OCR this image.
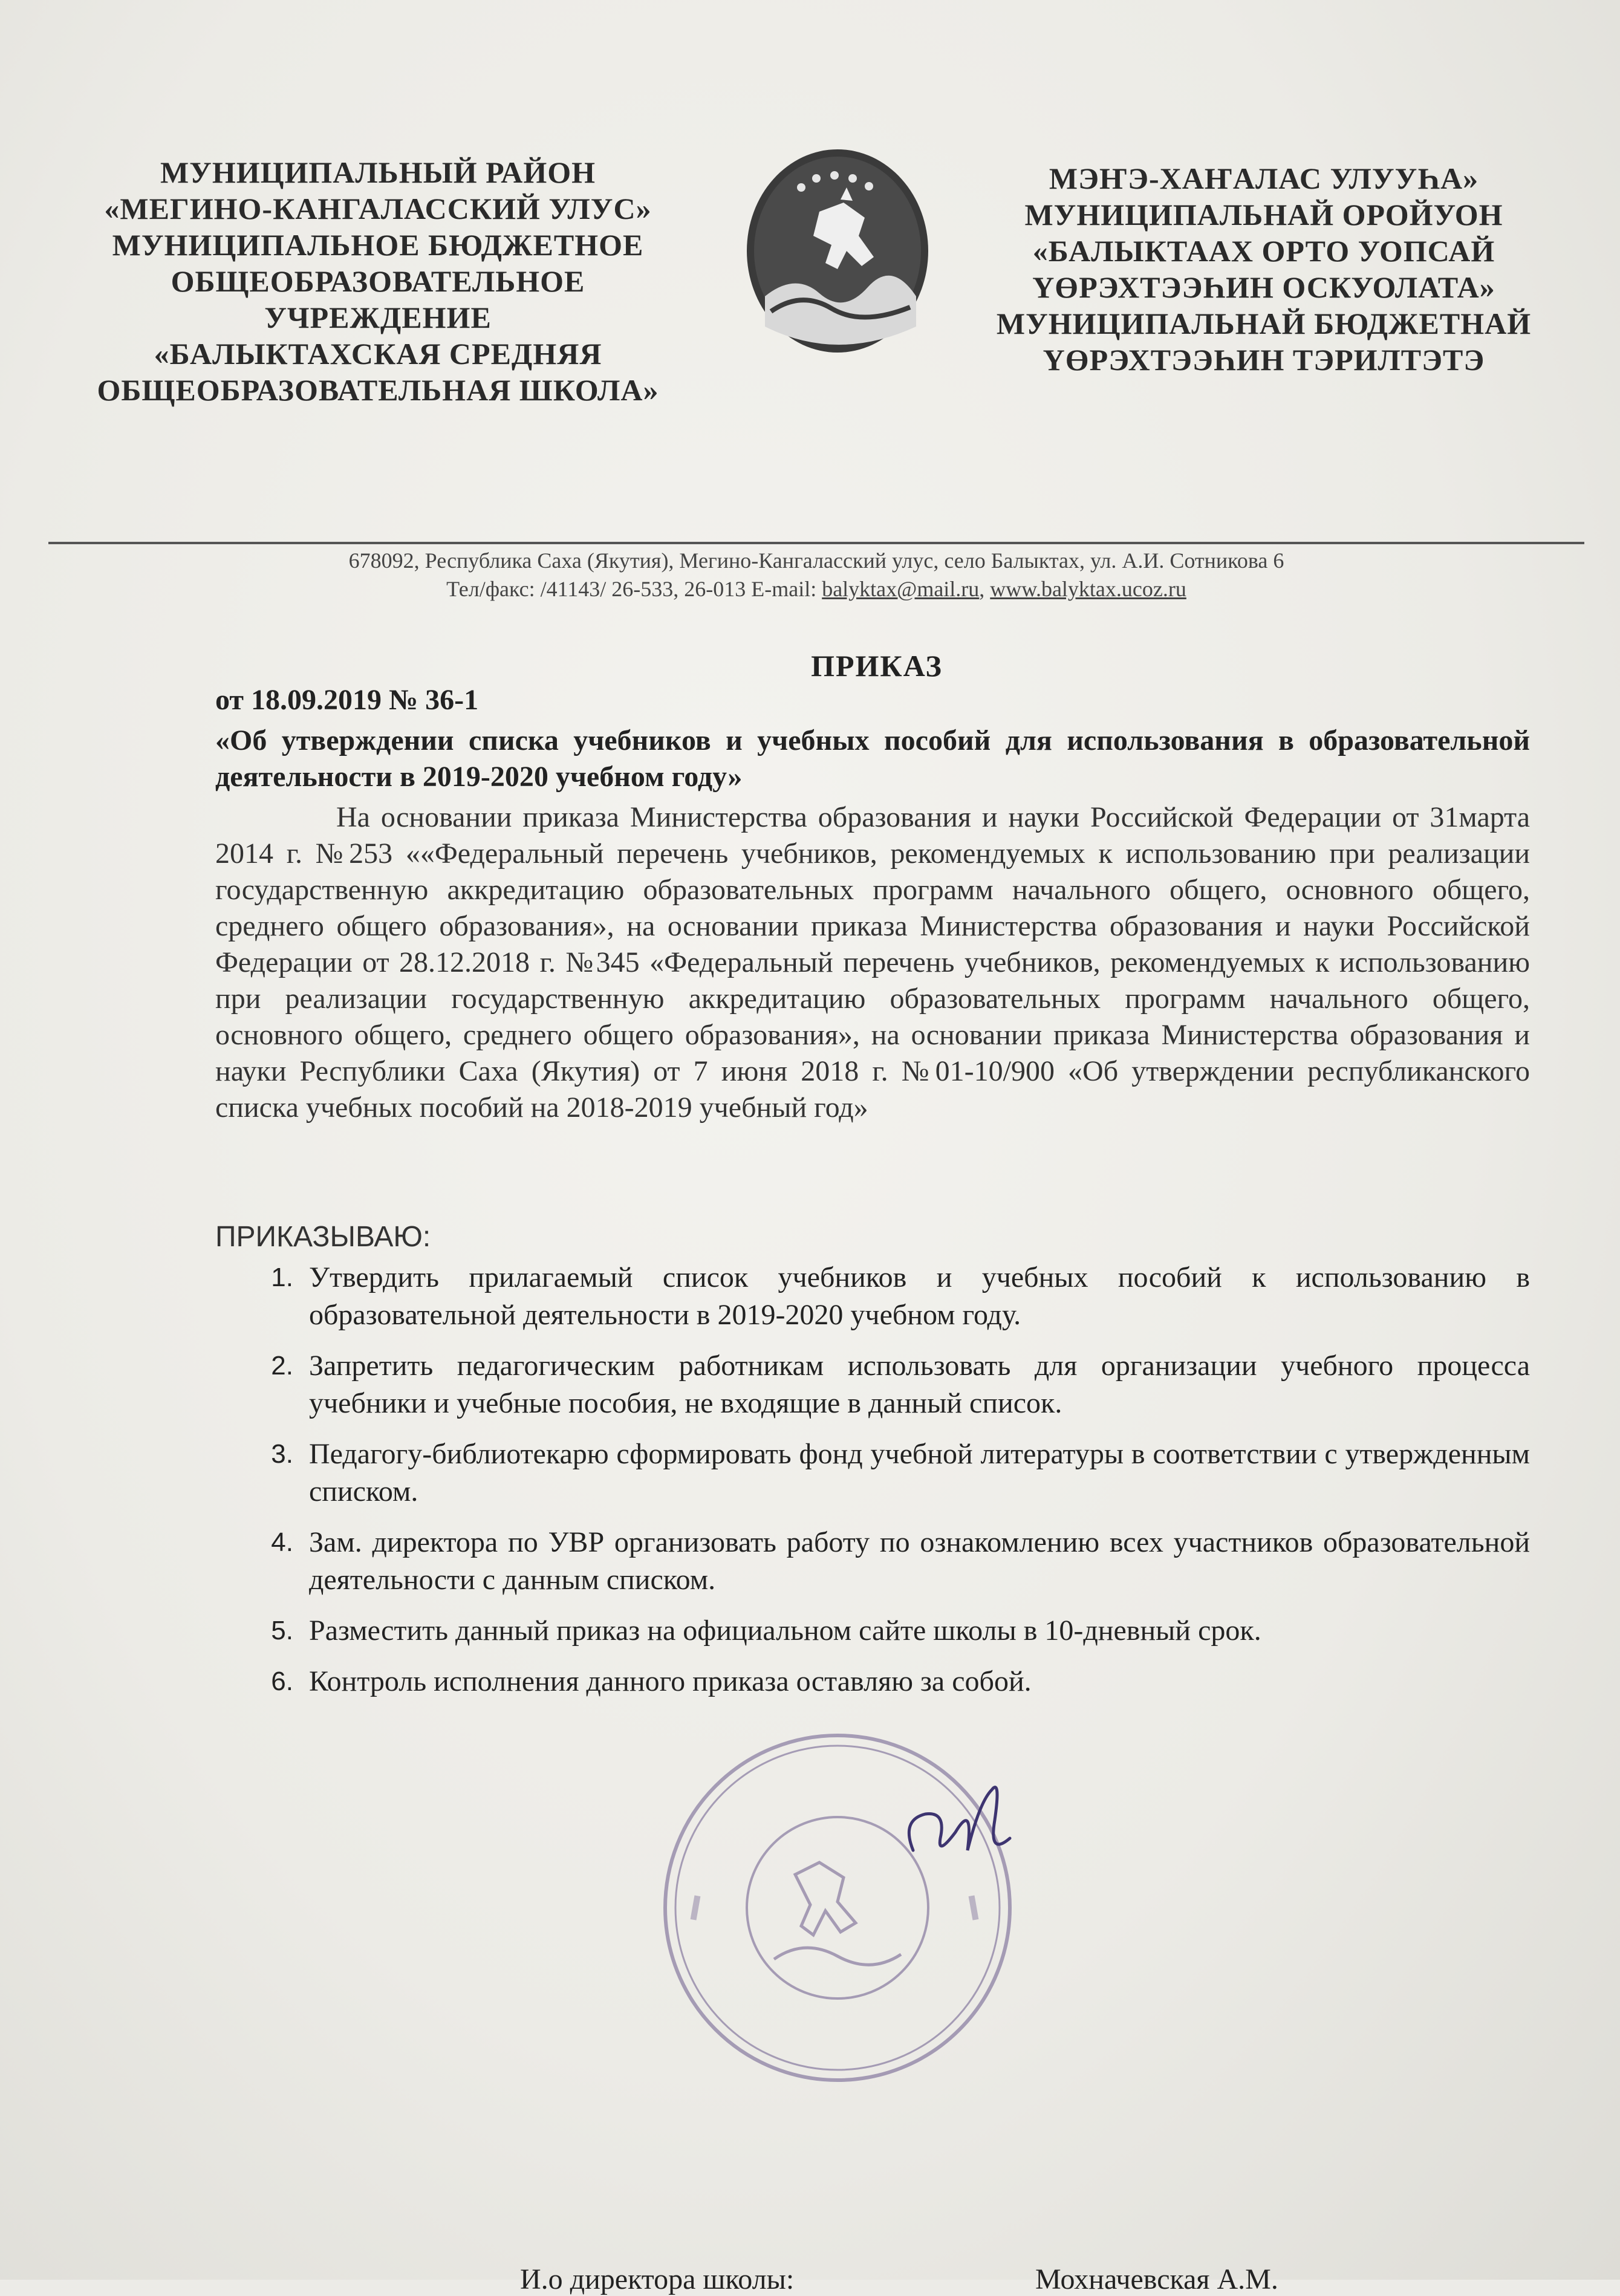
МУНИЦИПАЛЬНЫЙ РАЙОН
«МЕГИНО-КАНГАЛАССКИЙ УЛУС»
МУНИЦИПАЛЬНОЕ БЮДЖЕТНОЕ
ОБЩЕОБРАЗОВАТЕЛЬНОЕ
УЧРЕЖДЕНИЕ
«БАЛЫКТАХСКАЯ СРЕДНЯЯ
ОБЩЕОБРАЗОВАТЕЛЬНАЯ ШКОЛА»
МЭҤЭ-ХАҤАЛАС УЛУУҺА»
МУНИЦИПАЛЬНАЙ ОРОЙУОН
«БАЛЫКТААХ ОРТО УОПСАЙ
ҮӨРЭХТЭЭҺИН ОСКУОЛАТА»
МУНИЦИПАЛЬНАЙ БЮДЖЕТНАЙ
ҮӨРЭХТЭЭҺИН ТЭРИЛТЭТЭ
678092, Республика Саха (Якутия), Мегино-Кангаласский улус, село Балыктах, ул. А.И. Сотникова 6
Тел/факс: /41143/ 26-533, 26-013 E-mail: balyktax@mail.ru, www.balyktax.ucoz.ru
ПРИКАЗ
от 18.09.2019 № 36-1
«Об утверждении списка учебников и учебных пособий для использования в образовательной деятельности в 2019-2020 учебном году»
На основании приказа Министерства образования и науки Российской Федерации от 31марта 2014 г. №253 ««Федеральный перечень учебников, рекомендуемых к использованию при реализации государственную аккредитацию образовательных программ начального общего, основного общего, среднего общего образования», на основании приказа Министерства образования и науки Российской Федерации от 28.12.2018 г. №345 «Федеральный перечень учебников, рекомендуемых к использованию при реализации государственную аккредитацию образовательных программ начального общего, основного общего, среднего общего образования», на основании приказа Министерства образования и науки Республики Саха (Якутия) от 7 июня 2018 г. №01-10/900 «Об утверждении республиканского списка учебных пособий на 2018-2019 учебный год»
ПРИКАЗЫВАЮ:
1. Утвердить прилагаемый список учебников и учебных пособий к использованию в образовательной деятельности в 2019-2020 учебном году.
2. Запретить педагогическим работникам использовать для организации учебного процесса учебники и учебные пособия, не входящие в данный список.
3. Педагогу-библиотекарю сформировать фонд учебной литературы в соответствии с утвержденным списком.
4. Зам. директора по УВР организовать работу по ознакомлению всех участников образовательной деятельности с данным списком.
5. Разместить данный приказ на официальном сайте школы в 10-дневный срок.
6. Контроль исполнения данного приказа оставляю за собой.
И.о директора школы:	Мохначевская А.М.
